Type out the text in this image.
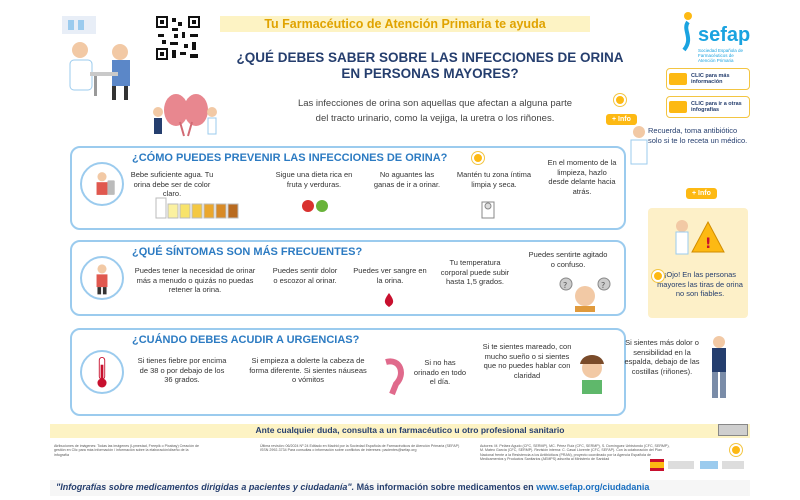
Tu Farmacéutico de Atención Primaria te ayuda	sefap
Sociedad Española de Farmacéuticos de Atención Primaria
¿QUÉ DEBES SABER SOBRE LAS INFECCIONES DE ORINA
EN PERSONAS MAYORES?
Las infecciones de orina son aquellas que afectan a alguna parte
del tracto urinario, como la vejiga, la uretra o los riñones.	+ Info
CLIC para más información
CLIC para ir a otras infografías
¿CÓMO PUEDES PREVENIR LAS INFECCIONES DE ORINA?
Bebe suficiente agua. Tu orina debe ser de color claro.
Sigue una dieta rica en fruta y verduras.
No aguantes las ganas de ir a orinar.
Mantén tu zona íntima limpia y seca.
En el momento de la limpieza, hazlo desde delante hacia atrás.
¿QUÉ SÍNTOMAS SON MÁS FRECUENTES?
Puedes tener la necesidad de orinar más a menudo o quizás no puedas retener la orina.
Puedes sentir dolor o escozor al orinar.
Puedes ver sangre en la orina.
Tu temperatura corporal puede subir hasta 1,5 grados.
Puedes sentirte agitado o confuso.
?	?
¿CUÁNDO DEBES ACUDIR A URGENCIAS?
Si tienes fiebre por encima de 38 o por debajo de los 36 grados.
Si empieza a dolerte la cabeza de forma diferente. Si sientes náuseas o vómitos
Si no has orinado en todo el día.
Si te sientes mareado, con mucho sueño o si sientes que no puedes hablar con claridad
Si sientes más dolor o sensibilidad en la espalda, debajo de las costillas (riñones).
Recuerda, toma antibiótico solo si te lo receta un médico.
+ Info
!
¡Ojo! En las personas mayores las tiras de orina no son fiables.
Ante cualquier duda, consulta a un farmacéutico u otro profesional sanitario
Atribuciones de imágenes: Todas las imágenes (Lymestad, Freepik o Pixabay) Creación de gestión en Clic para más información / información sobre la elaboración/diseño de la infografía
Última revisión: 06/2024 Nº 24 Editado en Madrid por la Sociedad Española de Farmacéuticos de Atención Primaria (SEFAP) ISSN 2992-3734 Para consultas o información sobre conflictos de intereses: pacientes@sefap.org
Autores: M. Peláez Agudo (CFC, SERMP), MC. Pérez Ruiz (CFC, SERMP), S. Domínguez Urbistondo (CFC, SERMP), M. Mateo García (CFC, SERMP). Revisión interna: C. Casal Llorente (CFC, SEFAP). Con la colaboración del Plan Nacional frente a la Resistencia a los Antibióticos (PRAN), proyecto coordinado por la Agencia Española de Medicamentos y Productos Sanitarios (AEMPS) adscrita al Ministerio de Sanidad
"Infografías sobre medicamentos dirigidas a pacientes y ciudadanía". Más información sobre medicamentos en www.sefap.org/ciudadania
